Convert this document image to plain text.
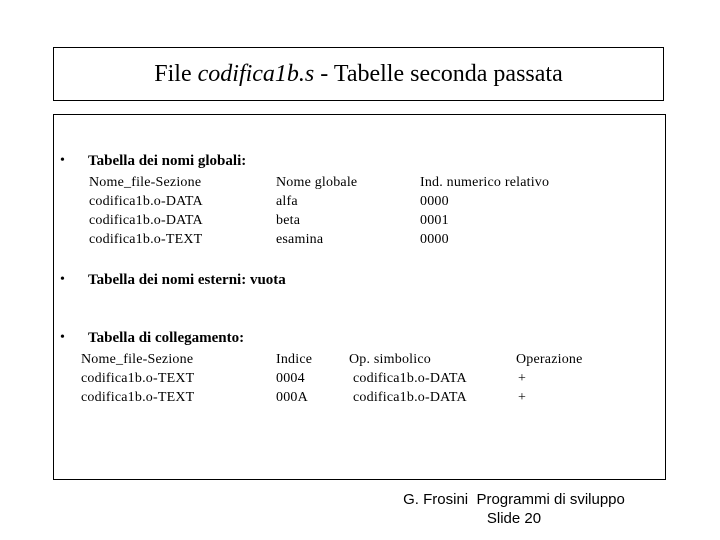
File codifica1b.s - Tabelle seconda passata
• Tabella dei nomi globali:
Nome_file-Sezione	Nome globale	Ind. numerico relativo
codifica1b.o-DATA	alfa	0000
codifica1b.o-DATA	beta	0001
codifica1b.o-TEXT	esamina	0000
• Tabella dei nomi esterni: vuota
• Tabella di collegamento:
Nome_file-Sezione	Indice	Op. simbolico	Operazione
codifica1b.o-TEXT	0004	codifica1b.o-DATA	+
codifica1b.o-TEXT	000A	codifica1b.o-DATA	+
G. Frosini  Programmi di sviluppo
Slide 20
